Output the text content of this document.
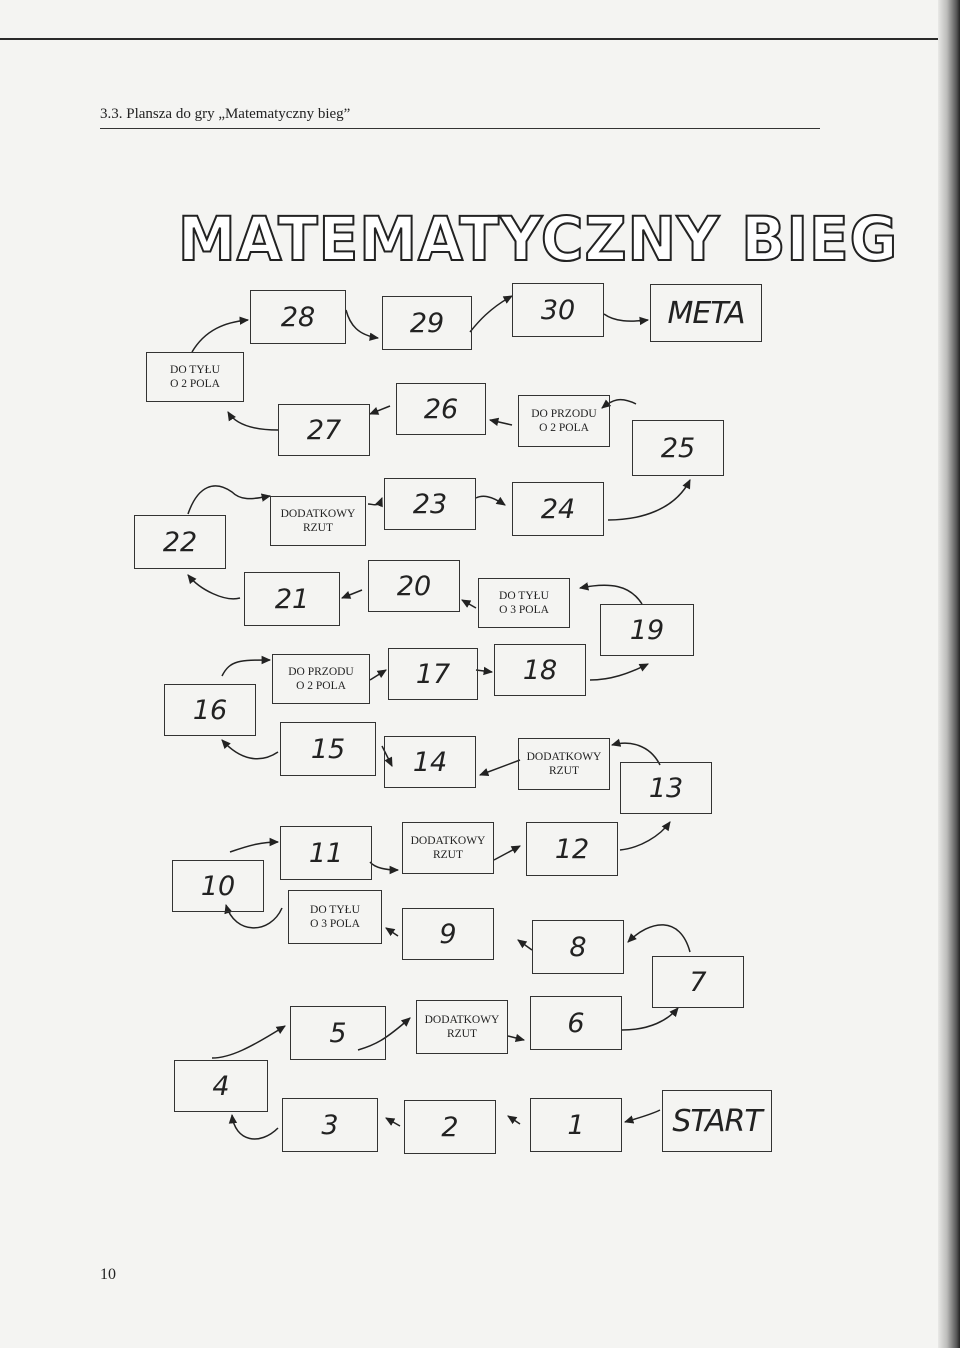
3.3. Plansza do gry „Matematyczny bieg”
MATEMATYCZNY BIEG
28	29	30	META
DO TYŁU
O 2 POLA
27
26	DO PRZODU
O 2 POLA
25
22
DODATKOWY
RZUT
23	24
21	20	DO TYŁU
O 3 POLA
19
16
DO PRZODU
O 2 POLA	17	18
15	14	DODATKOWY
RZUT
13
10
11	DODATKOWY
RZUT	12
DO TYŁU
O 3 POLA	9	8
7
5	DODATKOWY
RZUT	6
4
3	2	1	START
10
